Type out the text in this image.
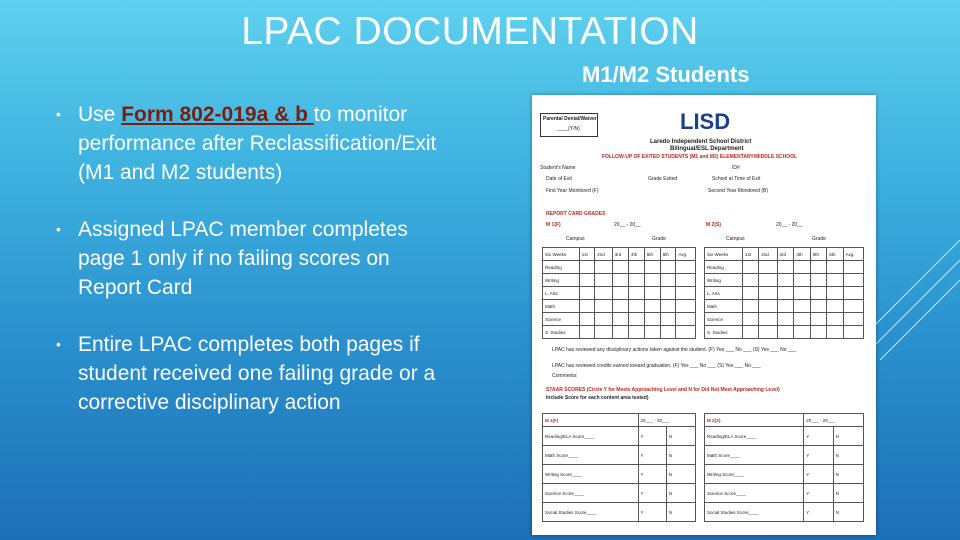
LPAC DOCUMENTATION
M1/M2 Students
• Use Form 802-019a & b to monitor performance after Reclassification/Exit (M1 and M2 students)
• Assigned LPAC member completes page 1 only if no failing scores on Report Card
• Entire LPAC completes both pages if student received one failing grade or a corrective disciplinary action
Parental Denial/Waiver
____(Y/N)	LISD
Laredo Independent School District
Bilingual/ESL Department
FOLLOW-UP OF EXITED STUDENTS (M1 and M2) ELEMENTARY/MIDDLE SCHOOL
Student's Name	ID#
Date of Exit	Grade Exited	School at Time of Exit
First Year Monitored (F)	Second Year Monitored (B)
REPORT CARD GRADES
M 1(F)	20__ - 20__	M 2(S)	20__ - 20__
Campus	Grade	Campus	Grade
Six Weeks	1st	2nd	3rd	4th	5th	6th	Avg.
Reading							
Writing							
L. Arts							
Math							
Science							
S. Studies							
Six Weeks	1st	2nd	3rd	4th	5th	6th	Avg.
Reading							
Writing							
L. Arts							
Math							
Science							
S. Studies							
LPAC has reviewed any disciplinary actions taken against the student. (F) Yes ___ No ___ (S) Yes ___ No ___
LPAC has reviewed credits earned toward graduation. (F) Yes ___ No ___ (S) Yes ___ No ___
Comments:
STAAR SCORES (Circle Y for Meets Approaching Level and N for Did Not Meet Approaching Level)
Include Score for each content area tested)
M 1(F)	20___ - 20___	
Reading/ELA Score____	Y	N
Math Score____	Y	N
Writing Score____	Y	N
Science Score____	Y	N
Social Studies Score____	Y	N
M 2(S)	20___ - 20___	
Reading/ELA Score____	Y	N
Math Score____	Y	N
Writing Score____	Y	N
Science Score____	Y	N
Social Studies Score____	Y	N
